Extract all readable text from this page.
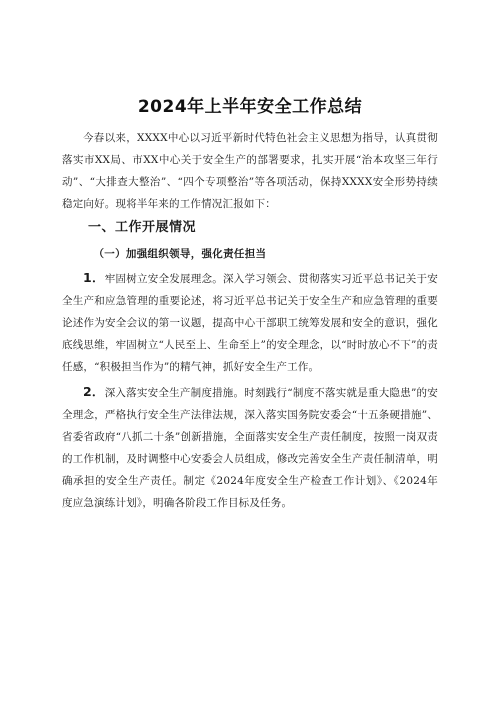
2024年上半年安全工作总结

今春以来，XXXX中心以习近平新时代特色社会主义思想为指导，认真贯彻落实市XX局、市XX中心关于安全生产的部署要求，扎实开展“治本攻坚三年行动”、“大排查大整治”、“四个专项整治”等各项活动，保持XXXX安全形势持续稳定向好。现将半年来的工作情况汇报如下：

一、工作开展情况
（一）加强组织领导，强化责任担当

1．牢固树立安全发展理念。深入学习领会、贯彻落实习近平总书记关于安全生产和应急管理的重要论述，将习近平总书记关于安全生产和应急管理的重要论述作为安全会议的第一议题，提高中心干部职工统筹发展和安全的意识，强化底线思维，牢固树立“人民至上、生命至上”的安全理念，以“时时放心不下”的责任感，“积极担当作为”的精气神，抓好安全生产工作。

2．深入落实安全生产制度措施。时刻践行“制度不落实就是重大隐患”的安全理念，严格执行安全生产法律法规，深入落实国务院安委会“十五条硬措施”、省委省政府“八抓二十条”创新措施，全面落实安全生产责任制度，按照一岗双责的工作机制，及时调整中心安委会人员组成，修改完善安全生产责任制清单，明确承担的安全生产责任。制定《2024年度安全生产检查工作计划》、《2024年度应急演练计划》，明确各阶段工作目标及任务。
